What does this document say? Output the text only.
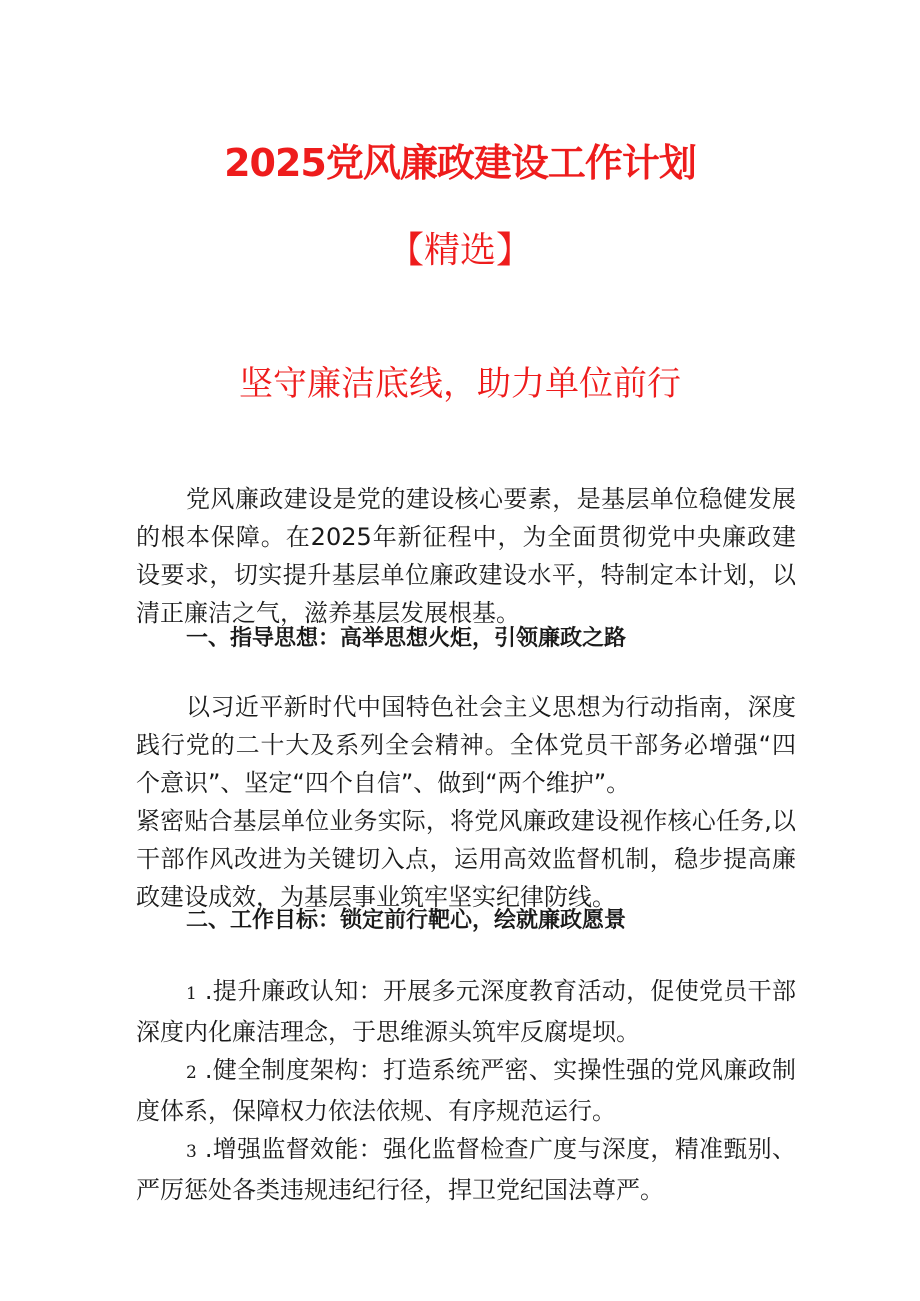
2025党风廉政建设工作计划
【精选】
坚守廉洁底线，助力单位前行

党风廉政建设是党的建设核心要素，是基层单位稳健发展的根本保障。在2025年新征程中，为全面贯彻党中央廉政建设要求，切实提升基层单位廉政建设水平，特制定本计划，以清正廉洁之气，滋养基层发展根基。

一、指导思想：高举思想火炬，引领廉政之路

以习近平新时代中国特色社会主义思想为行动指南，深度践行党的二十大及系列全会精神。全体党员干部务必增强“四个意识”、坚定“四个自信”、做到“两个维护”。

紧密贴合基层单位业务实际，将党风廉政建设视作核心任务,以干部作风改进为关键切入点，运用高效监督机制，稳步提高廉政建设成效，为基层事业筑牢坚实纪律防线。

二、工作目标：锁定前行靶心，绘就廉政愿景

1 .提升廉政认知：开展多元深度教育活动，促使党员干部深度内化廉洁理念，于思维源头筑牢反腐堤坝。

2 .健全制度架构：打造系统严密、实操性强的党风廉政制度体系，保障权力依法依规、有序规范运行。

3 .增强监督效能：强化监督检查广度与深度，精准甄别、严厉惩处各类违规违纪行径，捍卫党纪国法尊严。
